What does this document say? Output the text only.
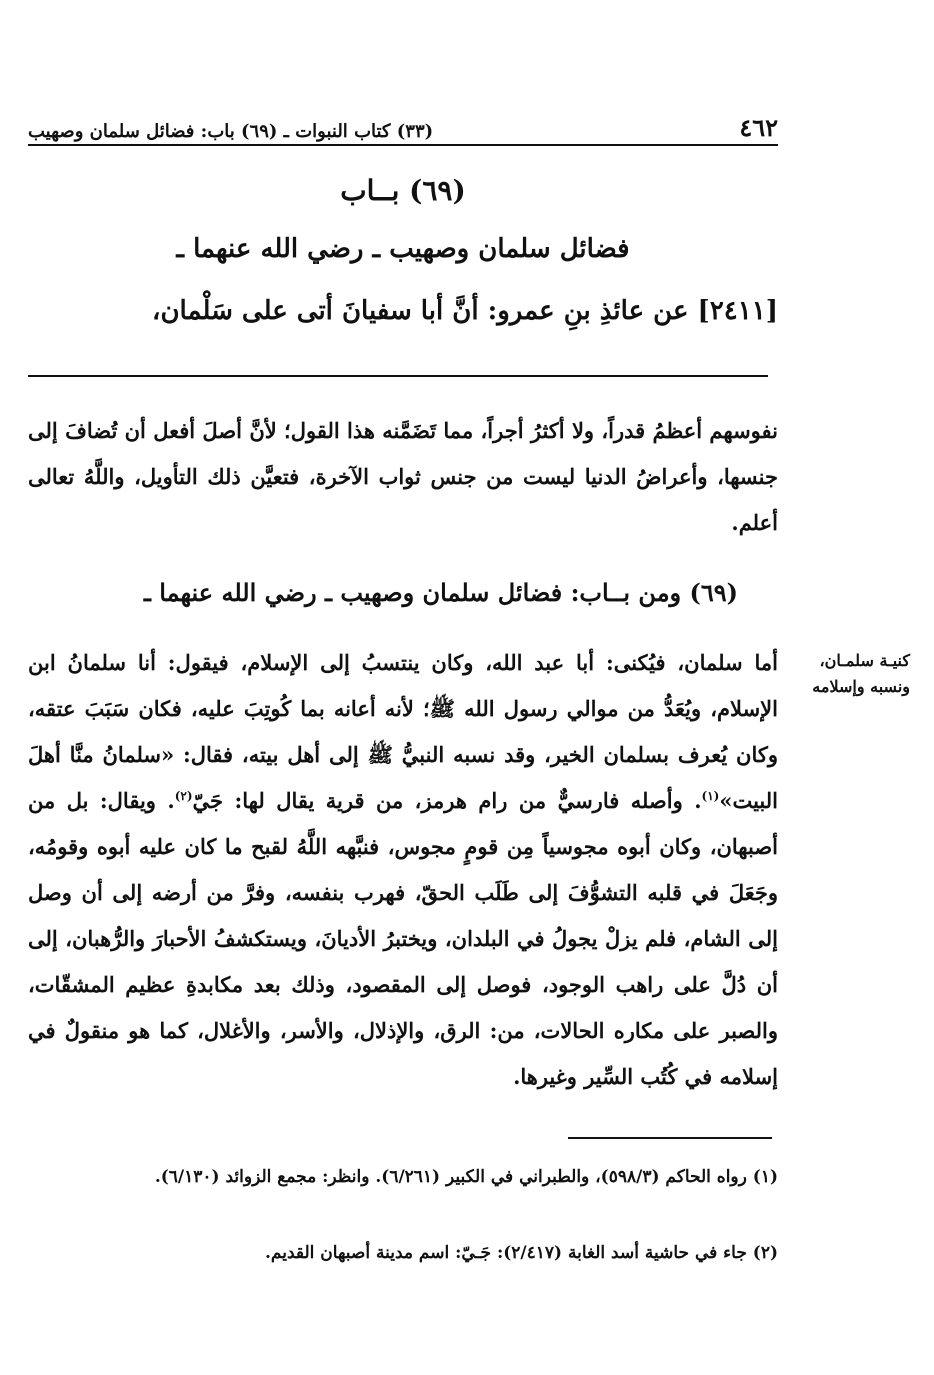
٤٦٢
(٣٣) كتاب النبوات ـ (٦٩) باب: فضائل سلمان وصهيب
(٦٩) بــاب
فضائل سلمان وصهيب ـ رضي الله عنهما ـ
[٢٤١١] عن عائذِ بنِ عمرو: أنَّ أبا سفيانَ أتى على سَلْمان،
نفوسهم أعظمُ قدراً، ولا أكثرُ أجراً، مما تَضَمَّنه هذا القول؛ لأنَّ أصلَ أفعل أن تُضافَ إلى جنسها، وأعراضُ الدنيا ليست من جنس ثواب الآخرة، فتعيَّن ذلك التأويل، واللَّهُ تعالى أعلم.
(٦٩) ومن بــاب: فضائل سلمان وصهيب ـ رضي الله عنهما ـ
كنيـة سلمـان، ونسبه وإسلامه
أما سلمان، فيُكنى: أبا عبد الله، وكان ينتسبُ إلى الإسلام، فيقول: أنا سلمانُ ابن الإسلام، ويُعَدُّ من موالي رسول الله ﷺ؛ لأنه أعانه بما كُوتِبَ عليه، فكان سَبَبَ عتقه، وكان يُعرف بسلمان الخير، وقد نسبه النبيُّ ﷺ إلى أهل بيته، فقال: «سلمانُ منَّا أهلَ البيت»$^{(١)}$. وأصله فارسيٌّ من رام هرمز، من قرية يقال لها: جَيّ$^{(٢)}$. ويقال: بل من أصبهان، وكان أبوه مجوسياً مِن قومٍ مجوس، فنبَّهه اللَّهُ لقبح ما كان عليه أبوه وقومُه، وجَعَلَ في قلبه التشوُّفَ إلى طَلَب الحقّ، فهرب بنفسه، وفرَّ من أرضه إلى أن وصل إلى الشام، فلم يزلْ يجولُ في البلدان، ويختبرُ الأديانَ، ويستكشفُ الأحبارَ والرُّهبان، إلى أن دُلَّ على راهب الوجود، فوصل إلى المقصود، وذلك بعد مكابدةِ عظيم المشقّات، والصبر على مكاره الحالات، من: الرق، والإذلال، والأسر، والأغلال، كما هو منقولٌ في إسلامه في كُتُب السِّير وغيرها.
(١) رواه الحاكم (٥٩٨/٣)، والطبراني في الكبير (٦/٢٦١). وانظر: مجمع الزوائد (٦/١٣٠).
(٢) جاء في حاشية أسد الغابة (٢/٤١٧): جَـيّ: اسم مدينة أصبهان القديم.
